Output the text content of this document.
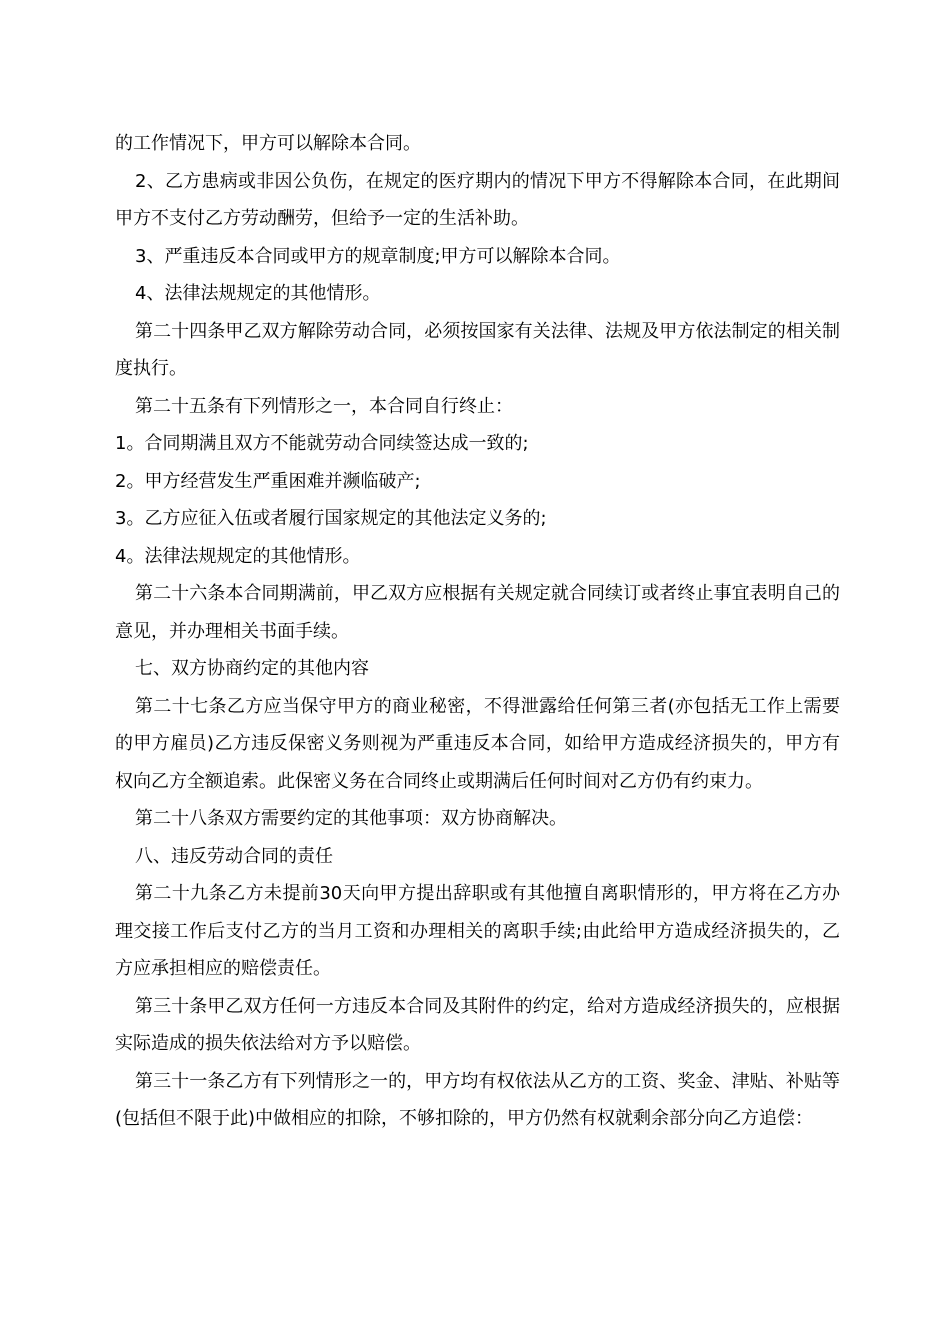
的工作情况下，甲方可以解除本合同。

2、乙方患病或非因公负伤，在规定的医疗期内的情况下甲方不得解除本合同，在此期间甲方不支付乙方劳动酬劳，但给予一定的生活补助。

3、严重违反本合同或甲方的规章制度;甲方可以解除本合同。

4、法律法规规定的其他情形。

第二十四条甲乙双方解除劳动合同，必须按国家有关法律、法规及甲方依法制定的相关制度执行。

第二十五条有下列情形之一，本合同自行终止：

1。合同期满且双方不能就劳动合同续签达成一致的;

2。甲方经营发生严重困难并濒临破产;

3。乙方应征入伍或者履行国家规定的其他法定义务的;

4。法律法规规定的其他情形。

第二十六条本合同期满前，甲乙双方应根据有关规定就合同续订或者终止事宜表明自己的意见，并办理相关书面手续。

七、双方协商约定的其他内容

第二十七条乙方应当保守甲方的商业秘密，不得泄露给任何第三者(亦包括无工作上需要的甲方雇员)乙方违反保密义务则视为严重违反本合同，如给甲方造成经济损失的，甲方有权向乙方全额追索。此保密义务在合同终止或期满后任何时间对乙方仍有约束力。

第二十八条双方需要约定的其他事项：双方协商解决。

八、违反劳动合同的责任

第二十九条乙方未提前30天向甲方提出辞职或有其他擅自离职情形的，甲方将在乙方办理交接工作后支付乙方的当月工资和办理相关的离职手续;由此给甲方造成经济损失的，乙方应承担相应的赔偿责任。

第三十条甲乙双方任何一方违反本合同及其附件的约定，给对方造成经济损失的，应根据实际造成的损失依法给对方予以赔偿。

第三十一条乙方有下列情形之一的，甲方均有权依法从乙方的工资、奖金、津贴、补贴等(包括但不限于此)中做相应的扣除，不够扣除的，甲方仍然有权就剩余部分向乙方追偿：
